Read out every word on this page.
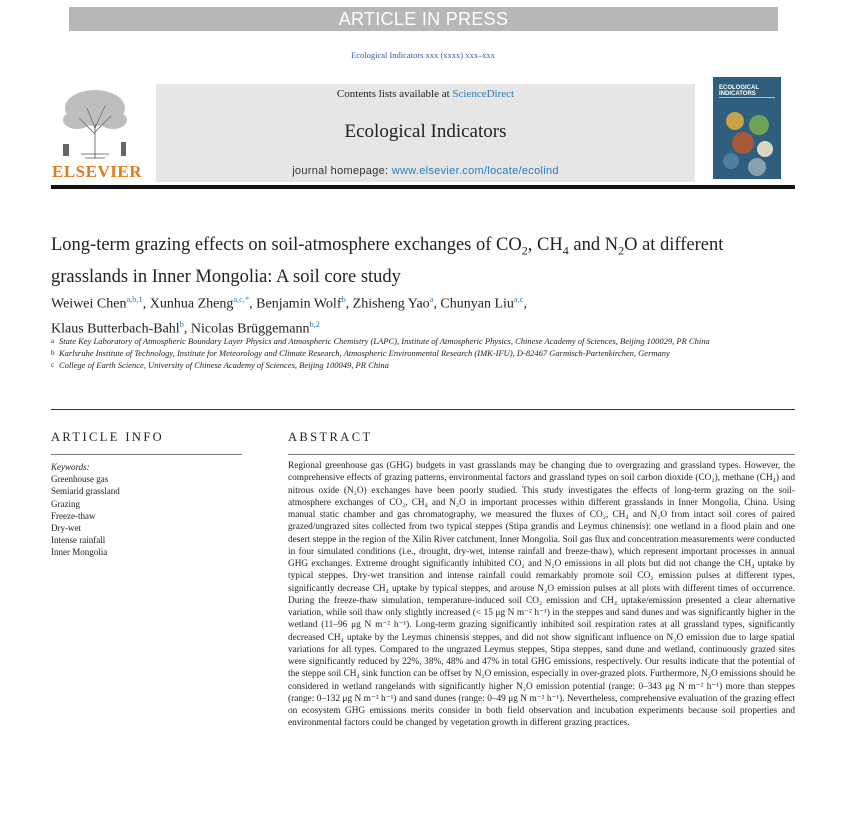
ARTICLE IN PRESS
Ecological Indicators xxx (xxxx) xxx–xxx
ELSEVIER
Contents lists available at ScienceDirect
Ecological Indicators
journal homepage: www.elsevier.com/locate/ecolind
ECOLOGICAL INDICATORS
Long-term grazing effects on soil-atmosphere exchanges of $CO_2$, $CH_4$ and $N_2O$ at different grasslands in Inner Mongolia: A soil core study
Weiwei Chen$^{a,b,1}$, Xunhua Zheng$^{a,c,*}$, Benjamin Wolf$^b$, Zhisheng Yao$^a$, Chunyan Liu$^{a,c}$,
Klaus Butterbach-Bahl$^b$, Nicolas Brüggemann$^{b,2}$
a State Key Laboratory of Atmospheric Boundary Layer Physics and Atmospheric Chemistry (LAPC), Institute of Atmospheric Physics, Chinese Academy of Sciences, Beijing 100029, PR China
b Karlsruhe Institute of Technology, Institute for Meteorology and Climate Research, Atmospheric Environmental Research (IMK-IFU), D-82467 Garmisch-Partenkirchen, Germany
c College of Earth Science, University of Chinese Academy of Sciences, Beijing 100049, PR China
ARTICLE INFO
Keywords:
Greenhouse gas
Semiarid grassland
Grazing
Freeze-thaw
Dry-wet
Intense rainfall
Inner Mongolia
ABSTRACT

Regional greenhouse gas (GHG) budgets in vast grasslands may be changing due to overgrazing and grassland types. However, the comprehensive effects of grazing patterns, environmental factors and grassland types on soil carbon dioxide (CO₂), methane (CH₄) and nitrous oxide (N₂O) exchanges have been poorly studied. This study investigates the effects of long-term grazing on the soil-atmosphere exchanges of CO₂, CH₄ and N₂O in important processes within different grasslands in Inner Mongolia, China. Using manual static chamber and gas chromatography, we measured the fluxes of CO₂, CH₄ and N₂O from intact soil cores of paired grazed/ungrazed sites collected from two typical steppes (Stipa grandis and Leymus chinensis): one wetland in a flood plain and one desert steppe in the region of the Xilin River catchment, Inner Mongolia. Soil gas flux and concentration measurements were conducted in four simulated conditions (i.e., drought, dry-wet, intense rainfall and freeze-thaw), which represent important processes in annual GHG exchanges. Extreme drought significantly inhibited CO₂ and N₂O emissions in all plots but did not change the CH₄ uptake by typical steppes. Dry-wet transition and intense rainfall could remarkably promote soil CO₂ emission pulses at different types, significantly decrease CH₄ uptake by typical steppes, and arouse N₂O emission pulses at all plots with different times of occurrence. During the freeze-thaw simulation, temperature-induced soil CO₂ emission and CH₄ uptake/emission presented a clear alternative variation, while soil thaw only slightly increased (< 15 μg N m⁻² h⁻¹) in the steppes and sand dunes and was significantly higher in the wetland (11–96 μg N m⁻² h⁻¹). Long-term grazing significantly inhibited soil respiration rates at all grassland types, significantly decreased CH₄ uptake by the Leymus chinensis steppes, and did not show significant influence on N₂O emission due to large spatial variations for all types. Compared to the ungrazed Leymus steppes, Stipa steppes, sand dune and wetland, continuously grazed sites were significantly reduced by 22%, 38%, 48% and 47% in total GHG emissions, respectively. Our results indicate that the potential of the steppe soil CH₄ sink function can be offset by N₂O emission, especially in over-grazed plots. Furthermore, N₂O emissions should be considered in wetland rangelands with significantly higher N₂O emission potential (range: 0–343 μg N m⁻² h⁻¹) more than steppes (range: 0–132 μg N m⁻² h⁻¹) and sand dunes (range: 0–49 μg N m⁻² h⁻¹). Nevertheless, comprehensive evaluation of the grazing effect on ecosystem GHG emissions merits consider in both field observation and incubation experiments because soil properties and environmental factors could be changed by vegetation growth in different grazing practices.
